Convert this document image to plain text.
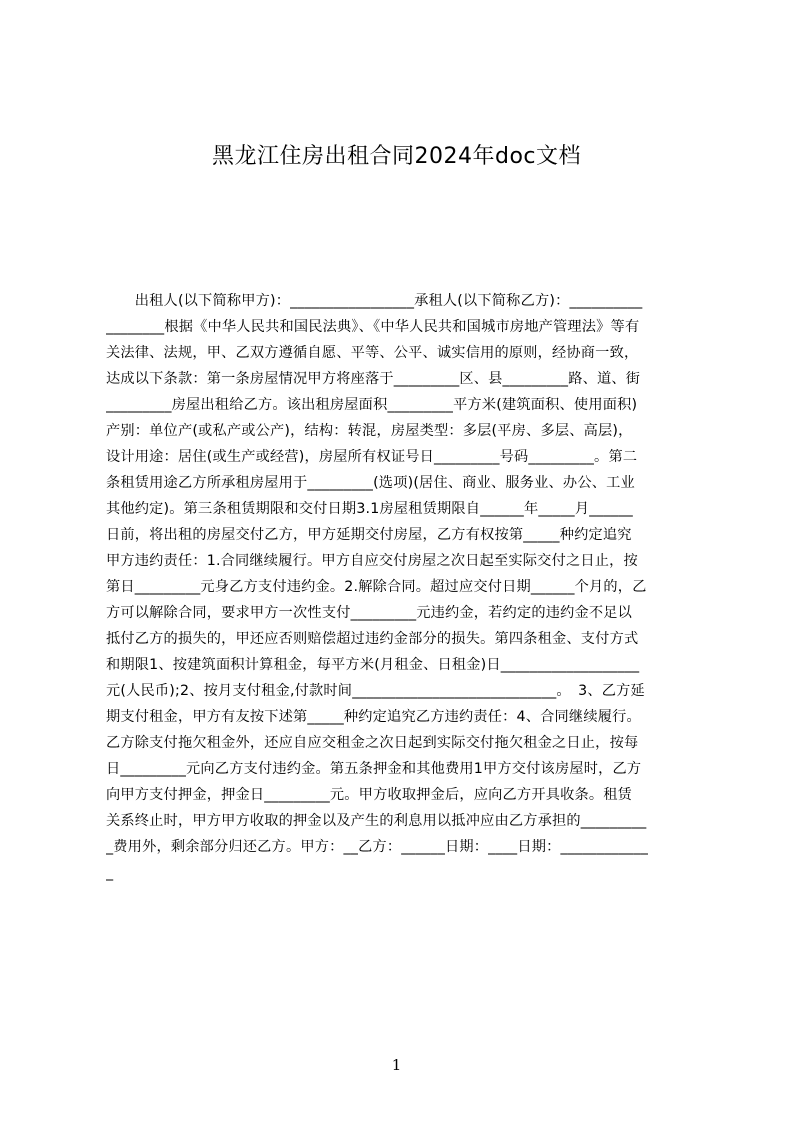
黑龙江住房出租合同2024年doc文档
　　出租人(以下简称甲方)：_________________承租人(以下简称乙方)：__________
________根据《中华人民共和国民法典》、《中华人民共和国城市房地产管理法》等有
关法律、法规，甲、乙双方遵循自愿、平等、公平、诚实信用的原则，经协商一致，
达成以下条款：第一条房屋情况甲方将座落于_________区、县_________路、道、街
_________房屋出租给乙方。该出租房屋面积_________平方米(建筑面积、使用面积)
产别：单位产(或私产或公产)，结构：转混，房屋类型：多层(平房、多层、高层)，
设计用途：居住(或生产或经营)，房屋所有权证号日_________号码_________。第二
条租赁用途乙方所承租房屋用于_________(选项)(居住、商业、服务业、办公、工业
其他约定)。第三条租赁期限和交付日期3.1房屋租赁期限自______年_____月______
日前，将出租的房屋交付乙方，甲方延期交付房屋，乙方有权按第_____种约定追究
甲方违约责任：1.合同继续履行。甲方自应交付房屋之次日起至实际交付之日止，按
第日_________元身乙方支付违约金。2.解除合同。超过应交付日期______个月的，乙
方可以解除合同，要求甲方一次性支付_________元违约金，若约定的违约金不足以
抵付乙方的损失的，甲还应否则赔偿超过违约金部分的损失。第四条租金、支付方式
和期限1、按建筑面积计算租金，每平方米(月租金、日租金)日___________________
元(人民币);2、按月支付租金,付款时间____________________________。　3、乙方延
期支付租金，甲方有友按下述第_____种约定追究乙方违约责任：4、合同继续履行。
乙方除支付拖欠租金外，还应自应交租金之次日起到实际交付拖欠租金之日止，按每
日_________元向乙方支付违约金。第五条押金和其他费用1甲方交付该房屋时，乙方
向甲方支付押金，押金日_________元。甲方收取押金后，应向乙方开具收条。租赁
关系终止时，甲方甲方收取的押金以及产生的利息用以抵冲应由乙方承担的_________
_费用外，剩余部分归还乙方。甲方：__乙方：______日期：____日期：____________
_
1
